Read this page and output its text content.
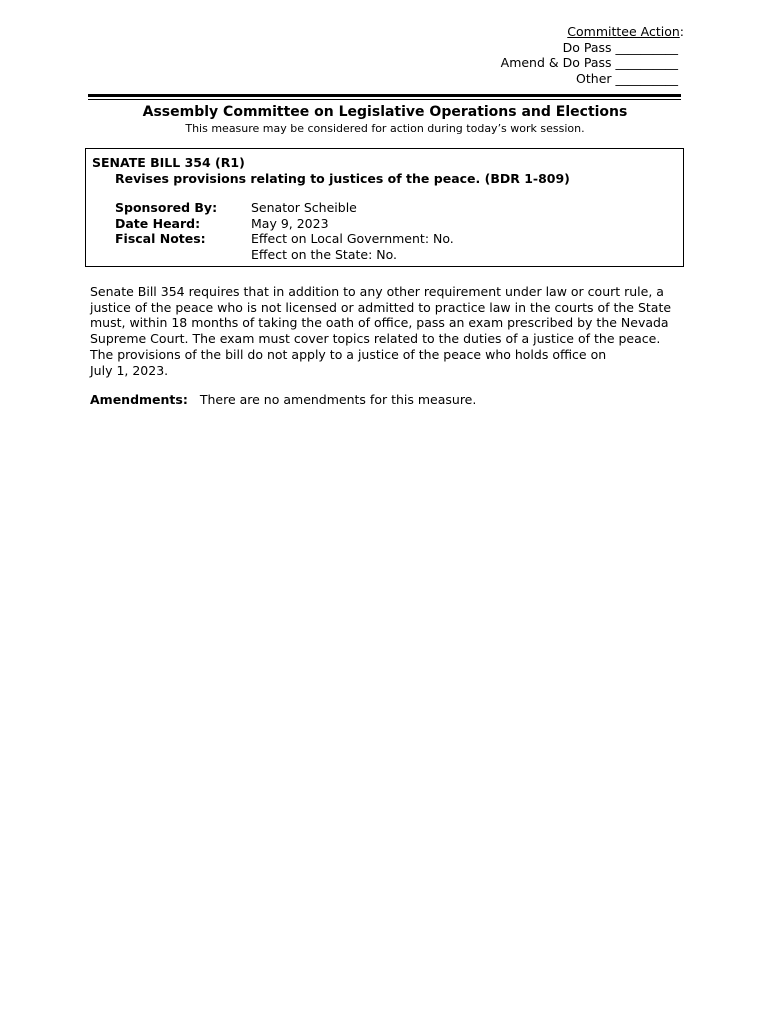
Committee Action:
Do Pass __________
Amend & Do Pass __________
Other __________
Assembly Committee on Legislative Operations and Elections
This measure may be considered for action during today’s work session.
SENATE BILL 354 (R1)
Revises provisions relating to justices of the peace. (BDR 1-809)
Sponsored By:	Senator Scheible
Date Heard:	May 9, 2023
Fiscal Notes:	Effect on Local Government: No.
Effect on the State: No.
Senate Bill 354 requires that in addition to any other requirement under law or court rule, a
justice of the peace who is not licensed or admitted to practice law in the courts of the State
must, within 18 months of taking the oath of office, pass an exam prescribed by the Nevada
Supreme Court. The exam must cover topics related to the duties of a justice of the peace.
The provisions of the bill do not apply to a justice of the peace who holds office on
July 1, 2023.
Amendments: There are no amendments for this measure.
